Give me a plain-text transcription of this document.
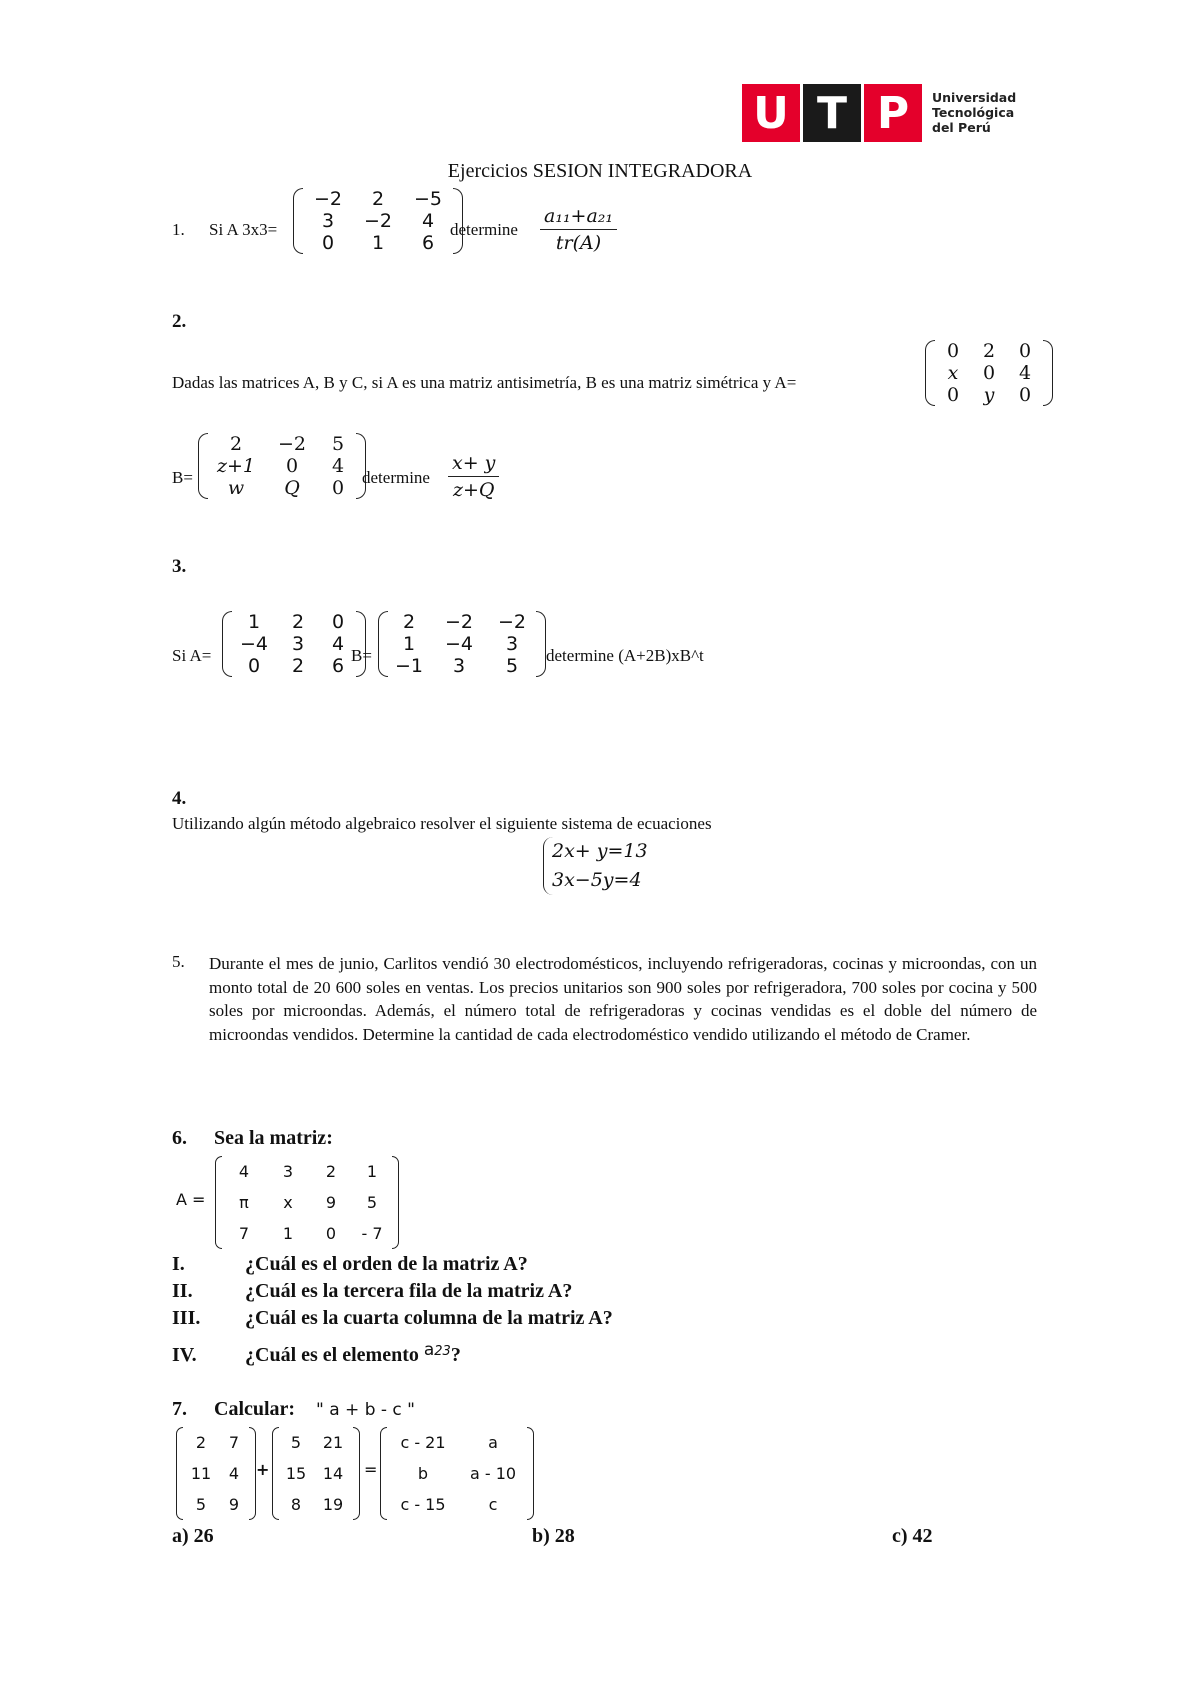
U T P	Universidad
Tecnológica
del Perú
Ejercicios SESION INTEGRADORA
1. Si A 3x3=
−2	2	−5
3	−2	4
0	1	6
determine $\frac{\text{a₁₁+a₂₁}}{tr(A)}$
2.
Dadas las matrices A, B y C, si A es una matriz antisimetría, B es una matriz simétrica y A=
0	2	0
x	0	4
0	y	0
B=
2	−2	5
z+1	0	4
w	Q	0 determine $\frac{x+ y}{z+Q}$
3.
Si A=
1	2	0
−4	3	4
0	2	6 B=
2	−2	−2
1	−4	3
−1	3	5 determine (A+2B)xB^t
4.
Utilizando algún método algebraico resolver el siguiente sistema de ecuaciones
2x+ y=13
3x−5y=4
5. Durante el mes de junio, Carlitos vendió 30 electrodomésticos, incluyendo refrigeradoras, cocinas y microondas, con un monto total de 20 600 soles en ventas. Los precios unitarios son 900 soles por refrigeradora, 700 soles por cocina y 500 soles por microondas. Además, el número total de refrigeradoras y cocinas vendidas es el doble del número de microondas vendidos. Determine la cantidad de cada electrodoméstico vendido utilizando el método de Cramer.
6. Sea la matriz:
A =
4	3	2	1
π	x	9	5
7	1	0	- 7
I.	¿Cuál es el orden de la matriz A?
II.	¿Cuál es la tercera fila de la matriz A?
III. ¿Cuál es la cuarta columna de la matriz A?
IV. ¿Cuál es el elemento $^{a23}$?
7. Calcular: " a + b - c "
2	7
11	4
5	9
+
5	21
15	14
8	19
=
c - 21	a
b	a - 10
c - 15	c
a) 26	b) 28	c) 42
